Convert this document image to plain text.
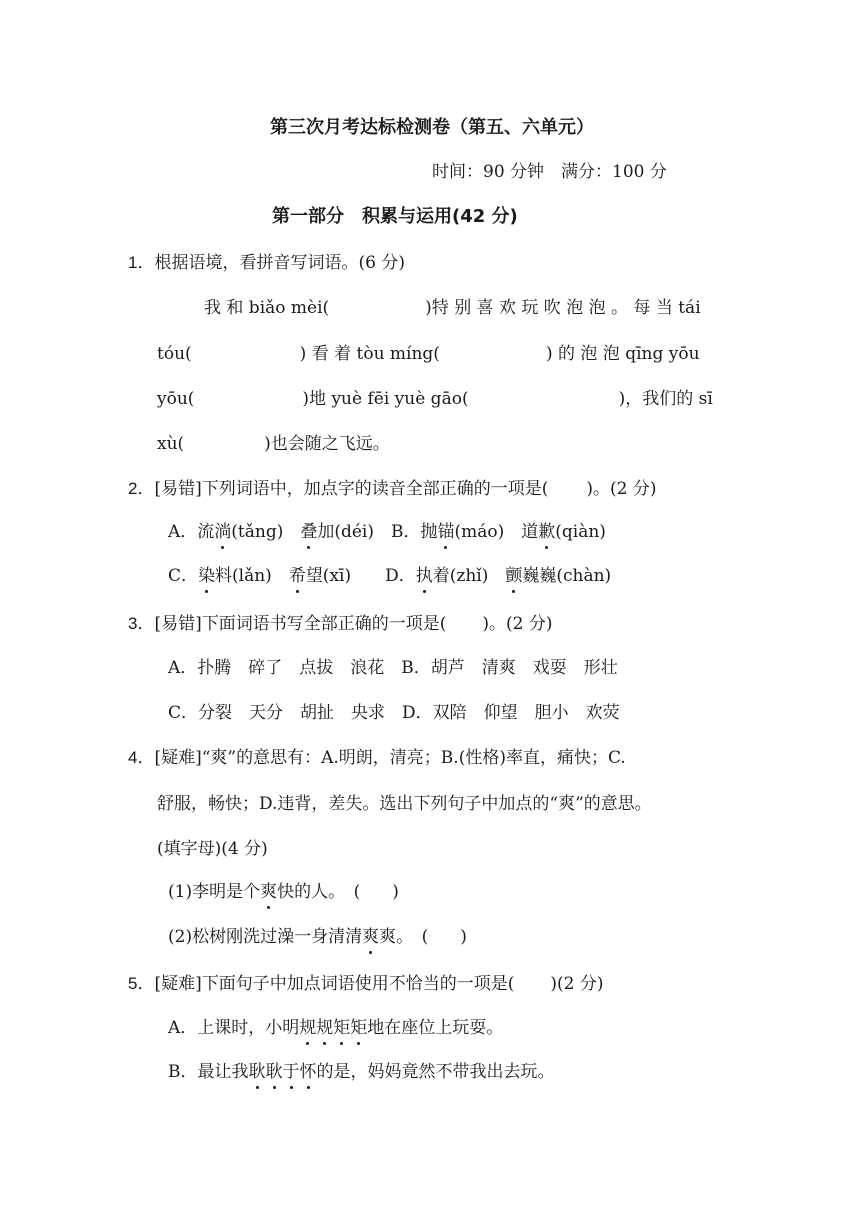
第三次月考达标检测卷（第五、六单元）
时间：90 分钟　满分：100 分
第一部分　积累与运用(42 分)
1．根据语境，看拼音写词语。(6 分)
我 和 biǎo mèi(	)特 别 喜 欢 玩 吹 泡 泡 。 每 当 tái
tóu(	) 看 着 tòu míng(	) 的 泡 泡 qīng yōu
yōu(	)地 yuè fēi yuè gāo(	)，我们的 sī
xù(	)也会随之飞远。
2．[易错]下列词语中，加点字的读音全部正确的一项是( )。(2 分)
A．流淌(tǎng)　叠加(déi)　B．抛锚(máo)　道歉(qiàn)
C．染料(lǎn)　希望(xī)　　D．执着(zhǐ)　颤巍巍(chàn)
3．[易错]下面词语书写全部正确的一项是( )。(2 分)
A．扑腾　碎了　点拔　浪花　B．胡芦　清爽　戏耍　形壮
C．分裂　天分　胡扯　央求　D．双陪　仰望　胆小　欢荧
4．[疑难]“爽”的意思有：A.明朗，清亮；B.(性格)率直，痛快；C.
舒服，畅快；D.违背，差失。选出下列句子中加点的“爽”的意思。
(填字母)(4 分)
(1)李明是个爽快的人。　( )
(2)松树刚洗过澡一身清清爽爽。　( )
5．[疑难]下面句子中加点词语使用不恰当的一项是( )(2 分)
A．上课时，小明规规矩矩地在座位上玩耍。
B．最让我耿耿于怀的是，妈妈竟然不带我出去玩。
